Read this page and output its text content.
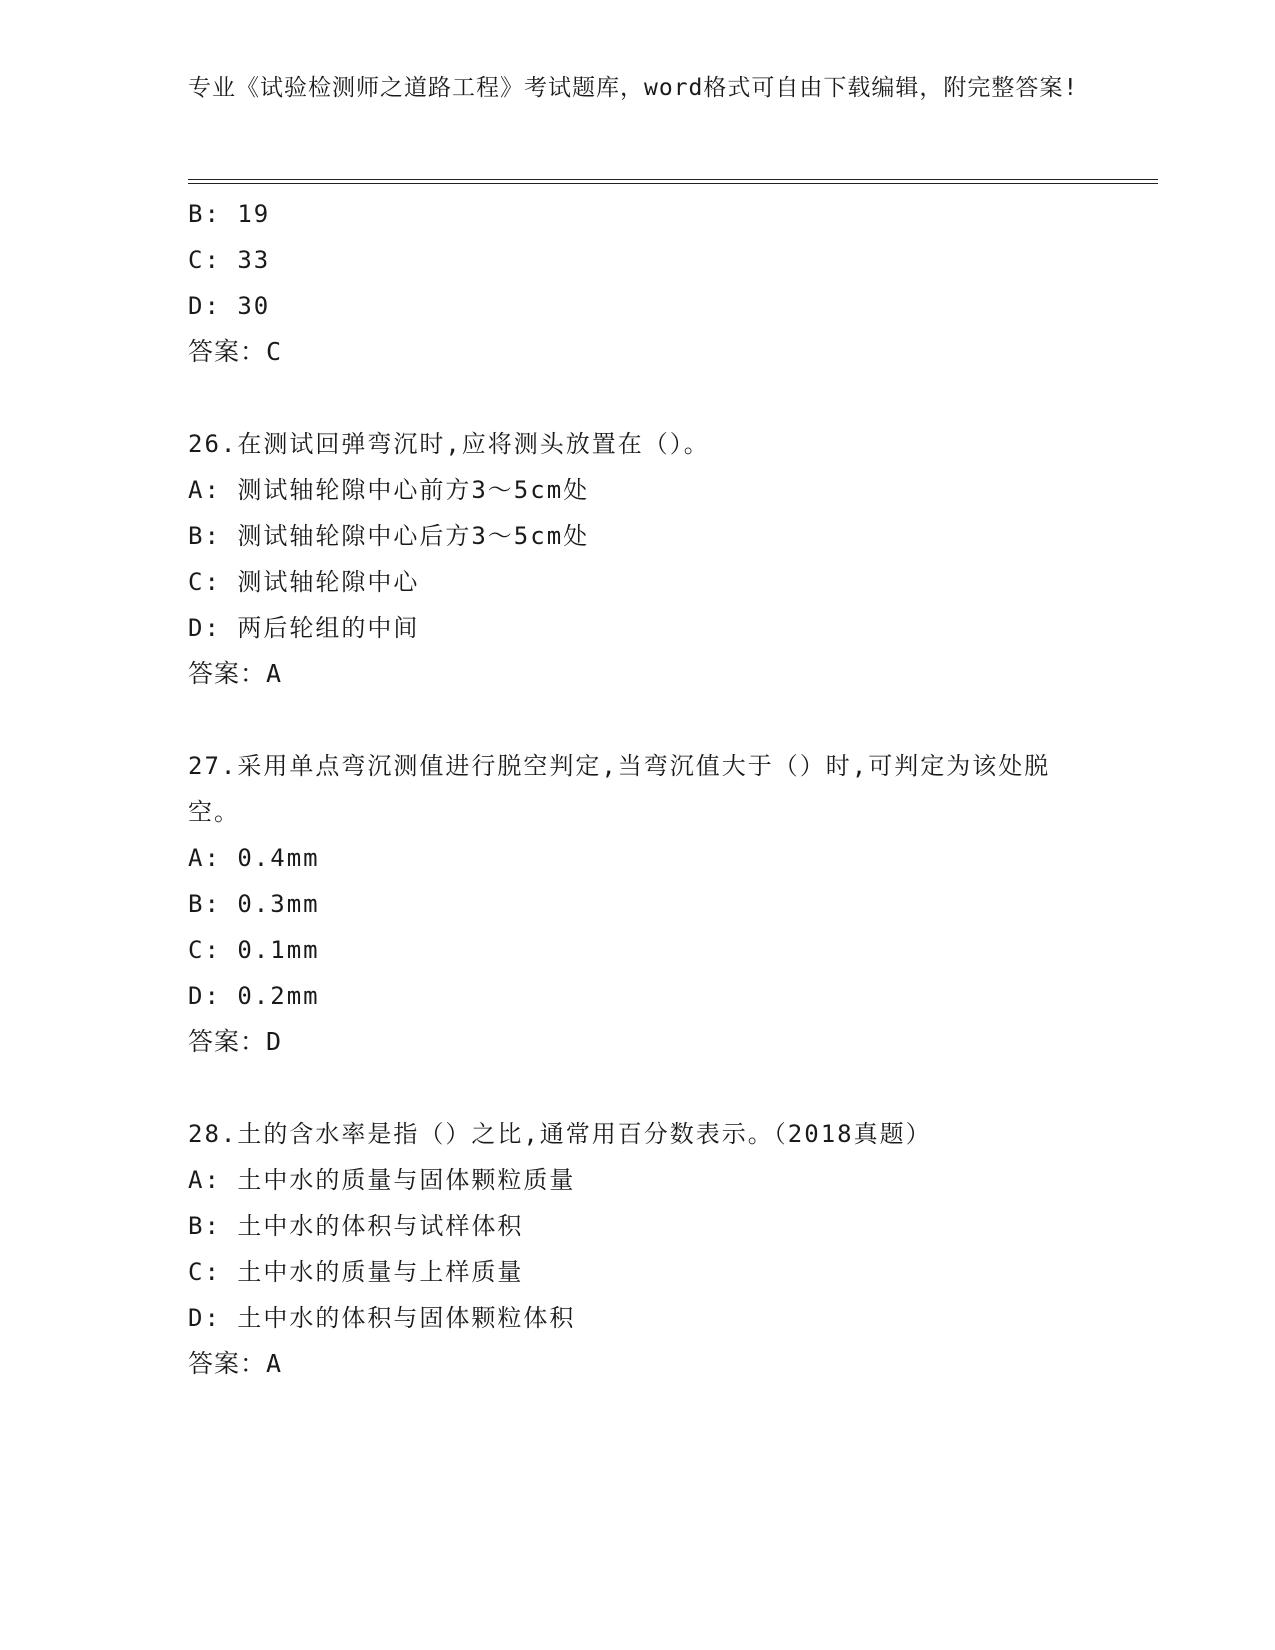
专业《试验检测师之道路工程》考试题库，word格式可自由下载编辑，附完整答案!
B: 19
C: 33
D: 30
答案：C
26.在测试回弹弯沉时,应将测头放置在（）。
A: 测试轴轮隙中心前方3～5cm处
B: 测试轴轮隙中心后方3～5cm处
C: 测试轴轮隙中心
D: 两后轮组的中间
答案：A
27.采用单点弯沉测值进行脱空判定,当弯沉值大于（）时,可判定为该处脱空。
A: 0.4mm
B: 0.3mm
C: 0.1mm
D: 0.2mm
答案：D
28.土的含水率是指（）之比,通常用百分数表示。（2018真题）
A: 土中水的质量与固体颗粒质量
B: 土中水的体积与试样体积
C: 土中水的质量与上样质量
D: 土中水的体积与固体颗粒体积
答案：A
